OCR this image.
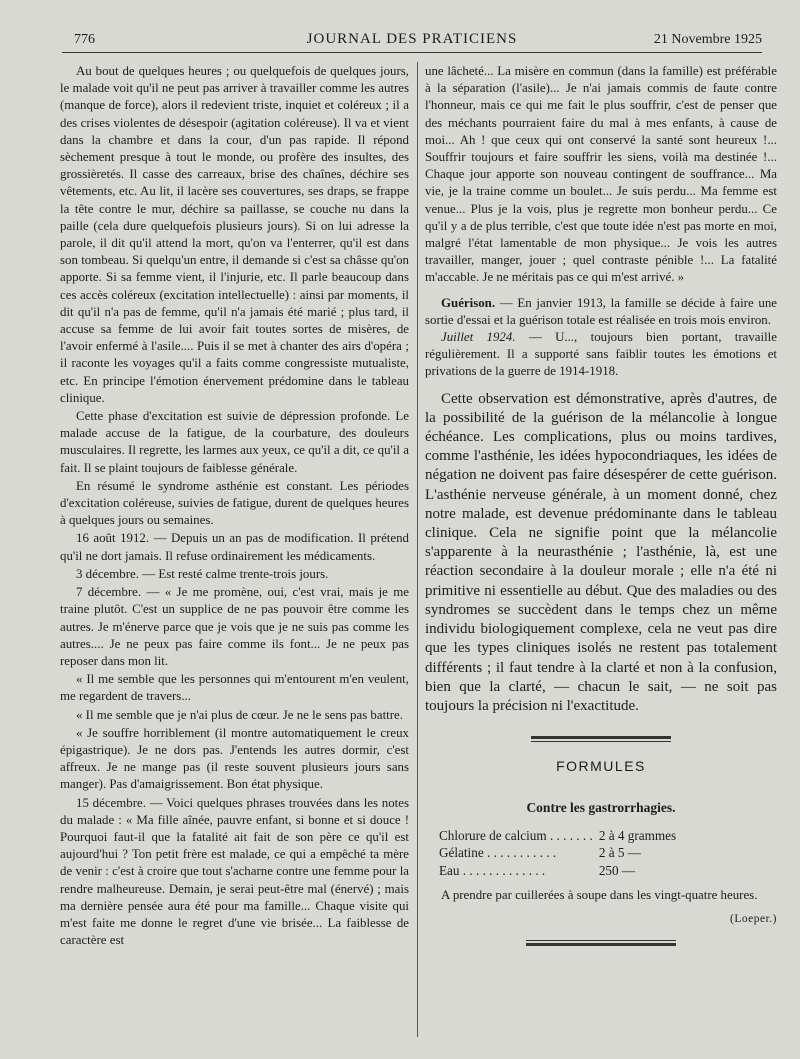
776	JOURNAL DES PRATICIENS	21 Novembre 1925

Au bout de quelques heures ; ou quelquefois de quelques jours, le malade voit qu'il ne peut pas arriver à travailler comme les autres (manque de force), alors il redevient triste, inquiet et coléreux ; il a des crises violentes de désespoir (agitation coléreuse). Il va et vient dans la chambre et dans la cour, d'un pas rapide. Il répond sèchement presque à tout le monde, ou profère des insultes, des grossièretés. Il casse des carreaux, brise des chaînes, déchire ses vêtements, etc. Au lit, il lacère ses couvertures, ses draps, se frappe la tête contre le mur, déchire sa paillasse, se couche nu dans la paille (cela dure quelquefois plusieurs jours). Si on lui adresse la parole, il dit qu'il attend la mort, qu'on va l'enterrer, qu'il est dans son tombeau. Si quelqu'un entre, il demande si c'est sa châsse qu'on apporte. Si sa femme vient, il l'injurie, etc. Il parle beaucoup dans ces accès coléreux (excitation intellectuelle) : ainsi par moments, il dit qu'il n'a pas de femme, qu'il n'a jamais été marié ; plus tard, il accuse sa femme de lui avoir fait toutes sortes de misères, de l'avoir enfermé à l'asile.... Puis il se met à chanter des airs d'opéra ; il raconte les voyages qu'il a faits comme congressiste mutualiste, etc. En principe l'émotion énervement prédomine dans le tableau clinique.

Cette phase d'excitation est suivie de dépression profonde. Le malade accuse de la fatigue, de la courbature, des douleurs musculaires. Il regrette, les larmes aux yeux, ce qu'il a dit, ce qu'il a fait. Il se plaint toujours de faiblesse générale.

En résumé le syndrome asthénie est constant. Les périodes d'excitation coléreuse, suivies de fatigue, durent de quelques heures à quelques jours ou semaines.

16 août 1912. — Depuis un an pas de modification. Il prétend qu'il ne dort jamais. Il refuse ordinairement les médicaments.

3 décembre. — Est resté calme trente-trois jours.

7 décembre. — « Je me promène, oui, c'est vrai, mais je me traine plutôt. C'est un supplice de ne pas pouvoir être comme les autres. Je m'énerve parce que je vois que je ne suis pas comme les autres.... Je ne peux pas faire comme ils font... Je ne peux pas reposer dans mon lit.

« Il me semble que les personnes qui m'entourent m'en veulent, me regardent de travers...

« Il me semble que je n'ai plus de cœur. Je ne le sens pas battre.

« Je souffre horriblement (il montre automatiquement le creux épigastrique). Je ne dors pas. J'entends les autres dormir, c'est affreux. Je ne mange pas (il reste souvent plusieurs jours sans manger). Pas d'amaigrissement. Bon état physique.

15 décembre. — Voici quelques phrases trouvées dans les notes du malade : « Ma fille aînée, pauvre enfant, si bonne et si douce ! Pourquoi faut-il que la fatalité ait fait de son père ce qu'il est aujourd'hui ? Ton petit frère est malade, ce qui a empêché ta mère de venir : c'est à croire que tout s'acharne contre une femme pour la rendre malheureuse. Demain, je serai peut-être mal (énervé) ; mais ma dernière pensée aura été pour ma famille... Chaque visite qui m'est faite me donne le regret d'une vie brisée... La faiblesse de caractère est

une lâcheté... La misère en commun (dans la famille) est préférable à la séparation (l'asile)... Je n'ai jamais commis de faute contre l'honneur, mais ce qui me fait le plus souffrir, c'est de penser que des méchants pourraient faire du mal à mes enfants, à cause de moi... Ah ! que ceux qui ont conservé la santé sont heureux !... Souffrir toujours et faire souffrir les siens, voilà ma destinée !... Chaque jour apporte son nouveau contingent de souffrance... Ma vie, je la traine comme un boulet... Je suis perdu... Ma femme est venue... Plus je la vois, plus je regrette mon bonheur perdu... Ce qu'il y a de plus terrible, c'est que toute idée n'est pas morte en moi, malgré l'état lamentable de mon physique... Je vois les autres travailler, manger, jouer ; quel contraste pénible !... La fatalité m'accable. Je ne méritais pas ce qui m'est arrivé. »

Guérison. — En janvier 1913, la famille se décide à faire une sortie d'essai et la guérison totale est réalisée en trois mois environ.

Juillet 1924. — U..., toujours bien portant, travaille régulièrement. Il a supporté sans faiblir toutes les émotions et privations de la guerre de 1914-1918.

Cette observation est démonstrative, après d'autres, de la possibilité de la guérison de la mélancolie à longue échéance. Les complications, plus ou moins tardives, comme l'asthénie, les idées hypocondriaques, les idées de négation ne doivent pas faire désespérer de cette guérison. L'asthénie nerveuse générale, à un moment donné, chez notre malade, est devenue prédominante dans le tableau clinique. Cela ne signifie point que la mélancolie s'apparente à la neurasthénie ; l'asthénie, là, est une réaction secondaire à la douleur morale ; elle n'a été ni primitive ni essentielle au début. Que des maladies ou des syndromes se succèdent dans le temps chez un même individu biologiquement complexe, cela ne veut pas dire que les types cliniques isolés ne restent pas totalement différents ; il faut tendre à la clarté et non à la confusion, bien que la clarté, — chacun le sait, — ne soit pas toujours la précision ni l'exactitude.

FORMULES
Contre les gastrorrhagies.
Chlorure de calcium . . . . . . .	2 à 4 grammes
Gélatine . . . . . . . . . . .	2 à 5 —
Eau . . . . . . . . . . . . .	250 —

A prendre par cuillerées à soupe dans les vingt-quatre heures.

(Loeper.)
